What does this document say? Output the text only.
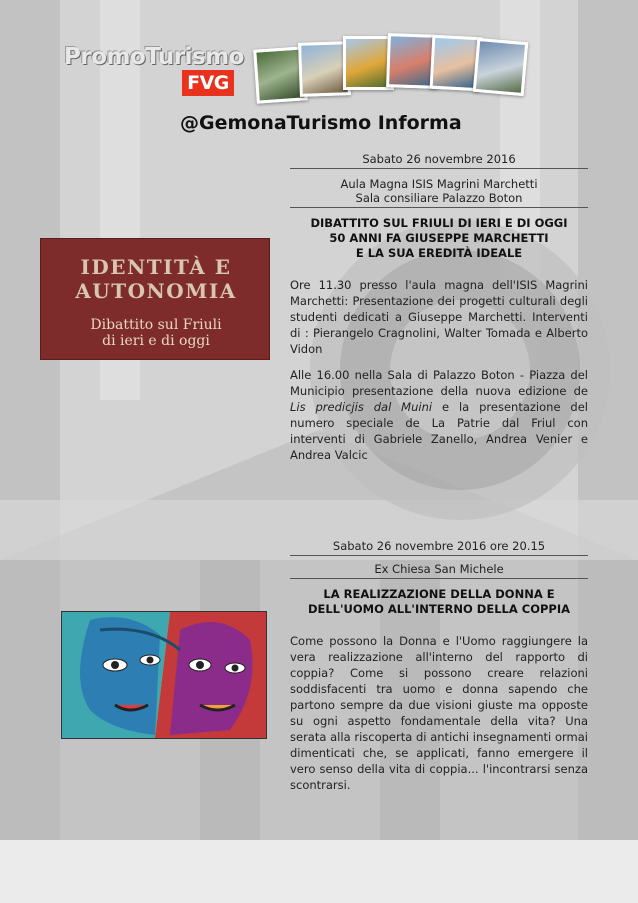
PromoTurismo
FVG
@GemonaTurismo Informa
IDENTITÀ E
AUTONOMIA
Dibattito sul Friuli
di ieri e di oggi
Sabato 26 novembre 2016
Aula Magna ISIS Magrini Marchetti
Sala consiliare Palazzo Boton
DIBATTITO SUL FRIULI DI IERI E DI OGGI
50 ANNI FA GIUSEPPE MARCHETTI
E LA SUA EREDITÀ IDEALE

Ore 11.30 presso l'aula magna dell'ISIS Magrini Marchetti: Presentazione dei progetti culturali degli studenti dedicati a Giuseppe Marchetti. Interventi di : Pierangelo Cragnolini, Walter Tomada e Alberto Vidon

Alle 16.00 nella Sala di Palazzo Boton - Piazza del Municipio presentazione della nuova edizione de Lis predicjis dal Muini e la presentazione del numero speciale de La Patrie dal Friul con interventi di Gabriele Zanello, Andrea Venier e Andrea Valcic

Sabato 26 novembre 2016 ore 20.15
Ex Chiesa San Michele
LA REALIZZAZIONE DELLA DONNA E
DELL'UOMO ALL'INTERNO DELLA COPPIA

Come possono la Donna e l'Uomo raggiungere la vera realizzazione all'interno del rapporto di coppia? Come si possono creare relazioni soddisfacenti tra uomo e donna sapendo che partono sempre da due visioni giuste ma opposte su ogni aspetto fondamentale della vita? Una serata alla riscoperta di antichi insegnamenti ormai dimenticati che, se applicati, fanno emergere il vero senso della vita di coppia... l'incontrarsi senza scontrarsi.
